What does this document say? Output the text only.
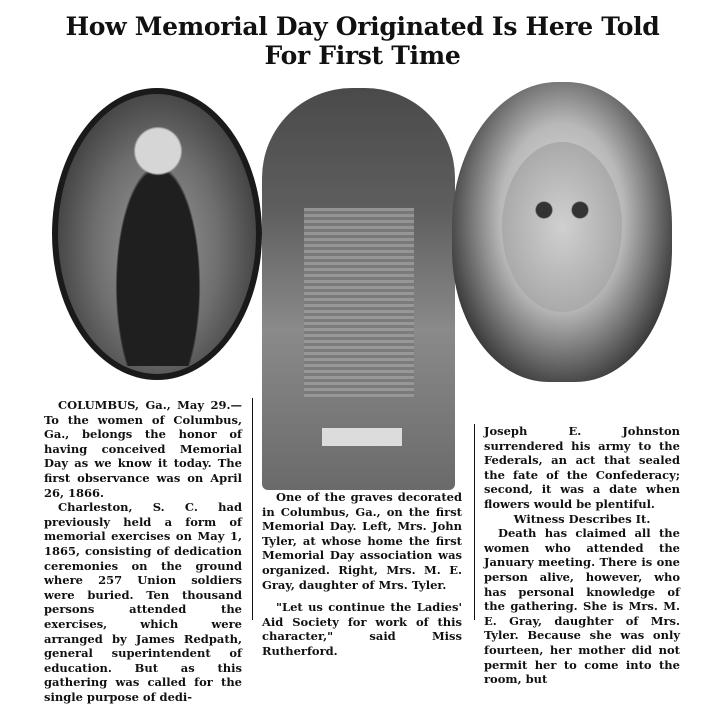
How Memorial Day Originated Is Here Told
For First Time

COLUMBUS, Ga., May 29.—To the women of Columbus, Ga., belongs the honor of having conceived Memorial Day as we know it today. The first observance was on April 26, 1866.

Charleston, S. C. had previously held a form of memorial exercises on May 1, 1865, consisting of dedication ceremonies on the ground where 257 Union soldiers were buried. Ten thousand persons attended the exercises, which were arranged by James Redpath, general superintendent of education. But as this gathering was called for the single purpose of dedi-

One of the graves decorated in Columbus, Ga., on the first Memorial Day. Left, Mrs. John Tyler, at whose home the first Memorial Day association was organized. Right, Mrs. M. E. Gray, daughter of Mrs. Tyler.

"Let us continue the Ladies' Aid Society for work of this character," said Miss Rutherford.

Joseph E. Johnston surrendered his army to the Federals, an act that sealed the fate of the Confederacy; second, it was a date when flowers would be plentiful.

Witness Describes It.

Death has claimed all the women who attended the January meeting. There is one person alive, however, who has personal knowledge of the gathering. She is Mrs. M. E. Gray, daughter of Mrs. Tyler. Because she was only fourteen, her mother did not permit her to come into the room, but
